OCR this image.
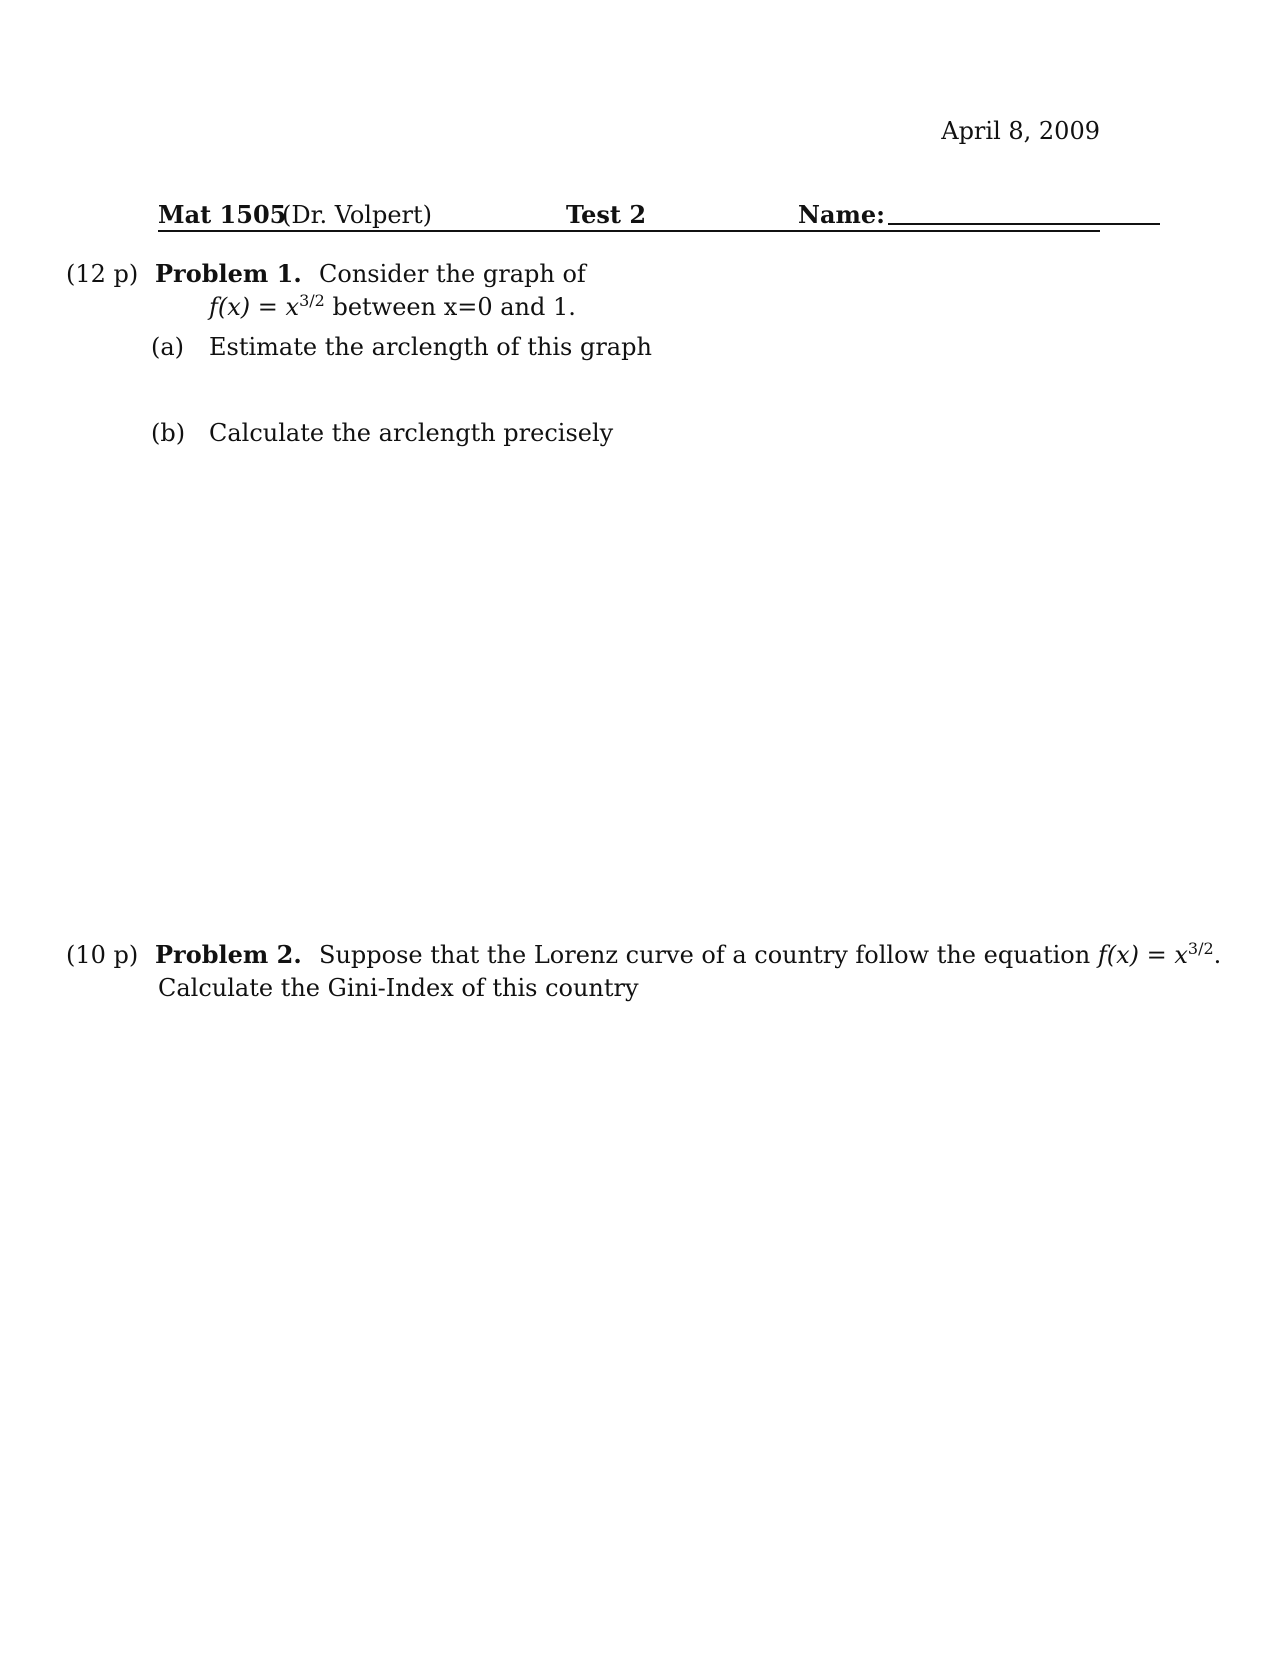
April 8, 2009
Mat 1505
(Dr. Volpert)	Test 2	Name:
(12 p) Problem 1. Consider the graph of
$f(x) = x^{3/2}$ between x=0 and 1.
(a) Estimate the arclength of this graph
(b) Calculate the arclength precisely
(10 p) Problem 2. Suppose that the Lorenz curve of a country follow the equation $f(x) = x^{3/2}$.
Calculate the Gini-Index of this country
